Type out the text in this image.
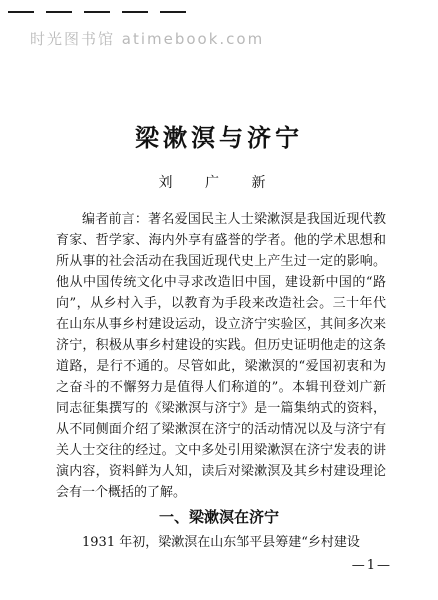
时光图书馆 atimebook.com
梁漱溟与济宁

刘 广 新

编者前言：著名爱国民主人士梁漱溟是我国近现代教育家、哲学家、海内外享有盛誉的学者。他的学术思想和所从事的社会活动在我国近现代史上产生过一定的影响。他从中国传统文化中寻求改造旧中国，建设新中国的“路向”，从乡村入手，以教育为手段来改造社会。三十年代在山东从事乡村建设运动，设立济宁实验区，其间多次来济宁，积极从事乡村建设的实践。但历史证明他走的这条道路，是行不通的。尽管如此，梁漱溟的“爱国初衷和为之奋斗的不懈努力是值得人们称道的”。本辑刊登刘广新同志征集撰写的《梁漱溟与济宁》是一篇集纳式的资料，从不同侧面介绍了梁漱溟在济宁的活动情况以及与济宁有关人士交往的经过。文中多处引用梁漱溟在济宁发表的讲演内容，资料鲜为人知，读后对梁漱溟及其乡村建设理论会有一个概括的了解。

一、梁漱溟在济宁

1931 年初，梁漱溟在山东邹平县筹建“乡村建设

—1—
